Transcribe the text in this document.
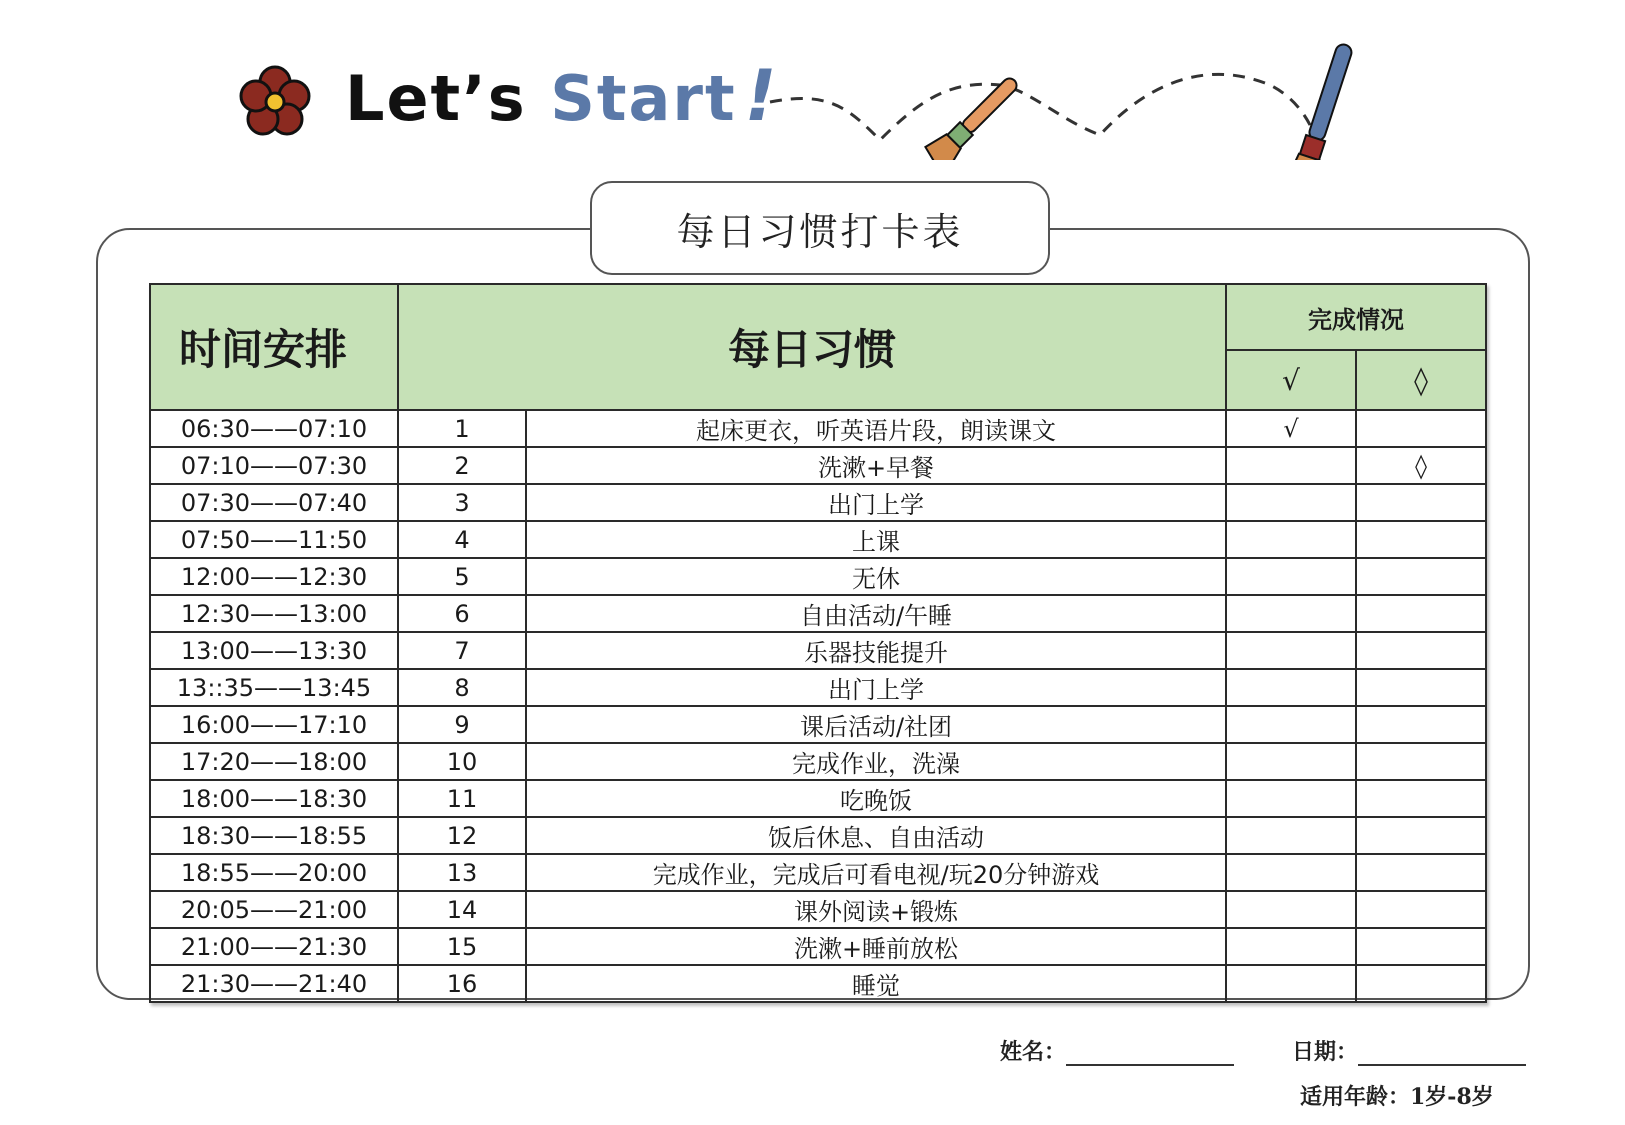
Let’s Start !
每日习惯打卡表
时间安排	每日习惯		完成情况	
			√	◊
06:30——07:10	1	起床更衣，听英语片段，朗读课文	√	
07:10——07:30	2	洗漱+早餐		◊
07:30——07:40	3	出门上学		
07:50——11:50	4	上课		
12:00——12:30	5	无休		
12:30——13:00	6	自由活动/午睡		
13:00——13:30	7	乐器技能提升		
13::35——13:45	8	出门上学		
16:00——17:10	9	课后活动/社团		
17:20——18:00	10	完成作业，洗澡		
18:00——18:30	11	吃晚饭		
18:30——18:55	12	饭后休息、自由活动		
18:55——20:00	13	完成作业，完成后可看电视/玩20分钟游戏		
20:05——21:00	14	课外阅读+锻炼		
21:00——21:30	15	洗漱+睡前放松		
21:30——21:40	16	睡觉		
姓名：	日期：
适用年龄：1岁-8岁
